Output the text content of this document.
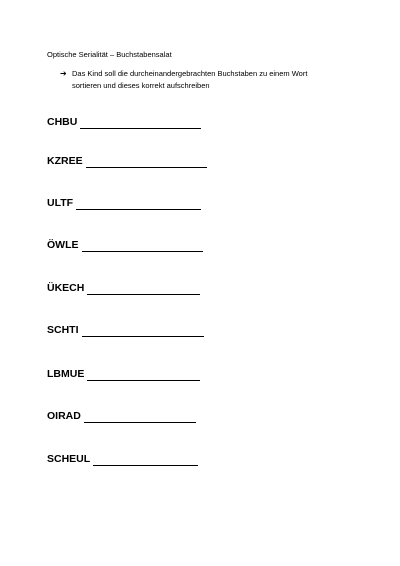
Optische Serialität – Buchstabensalat
➔ Das Kind soll die durcheinandergebrachten Buchstaben zu einem Wort
sortieren und dieses korrekt aufschreiben
CHBU
KZREE
ULTF
ÖWLE
ÜKECH
SCHTI
LBMUE
OIRAD
SCHEUL
